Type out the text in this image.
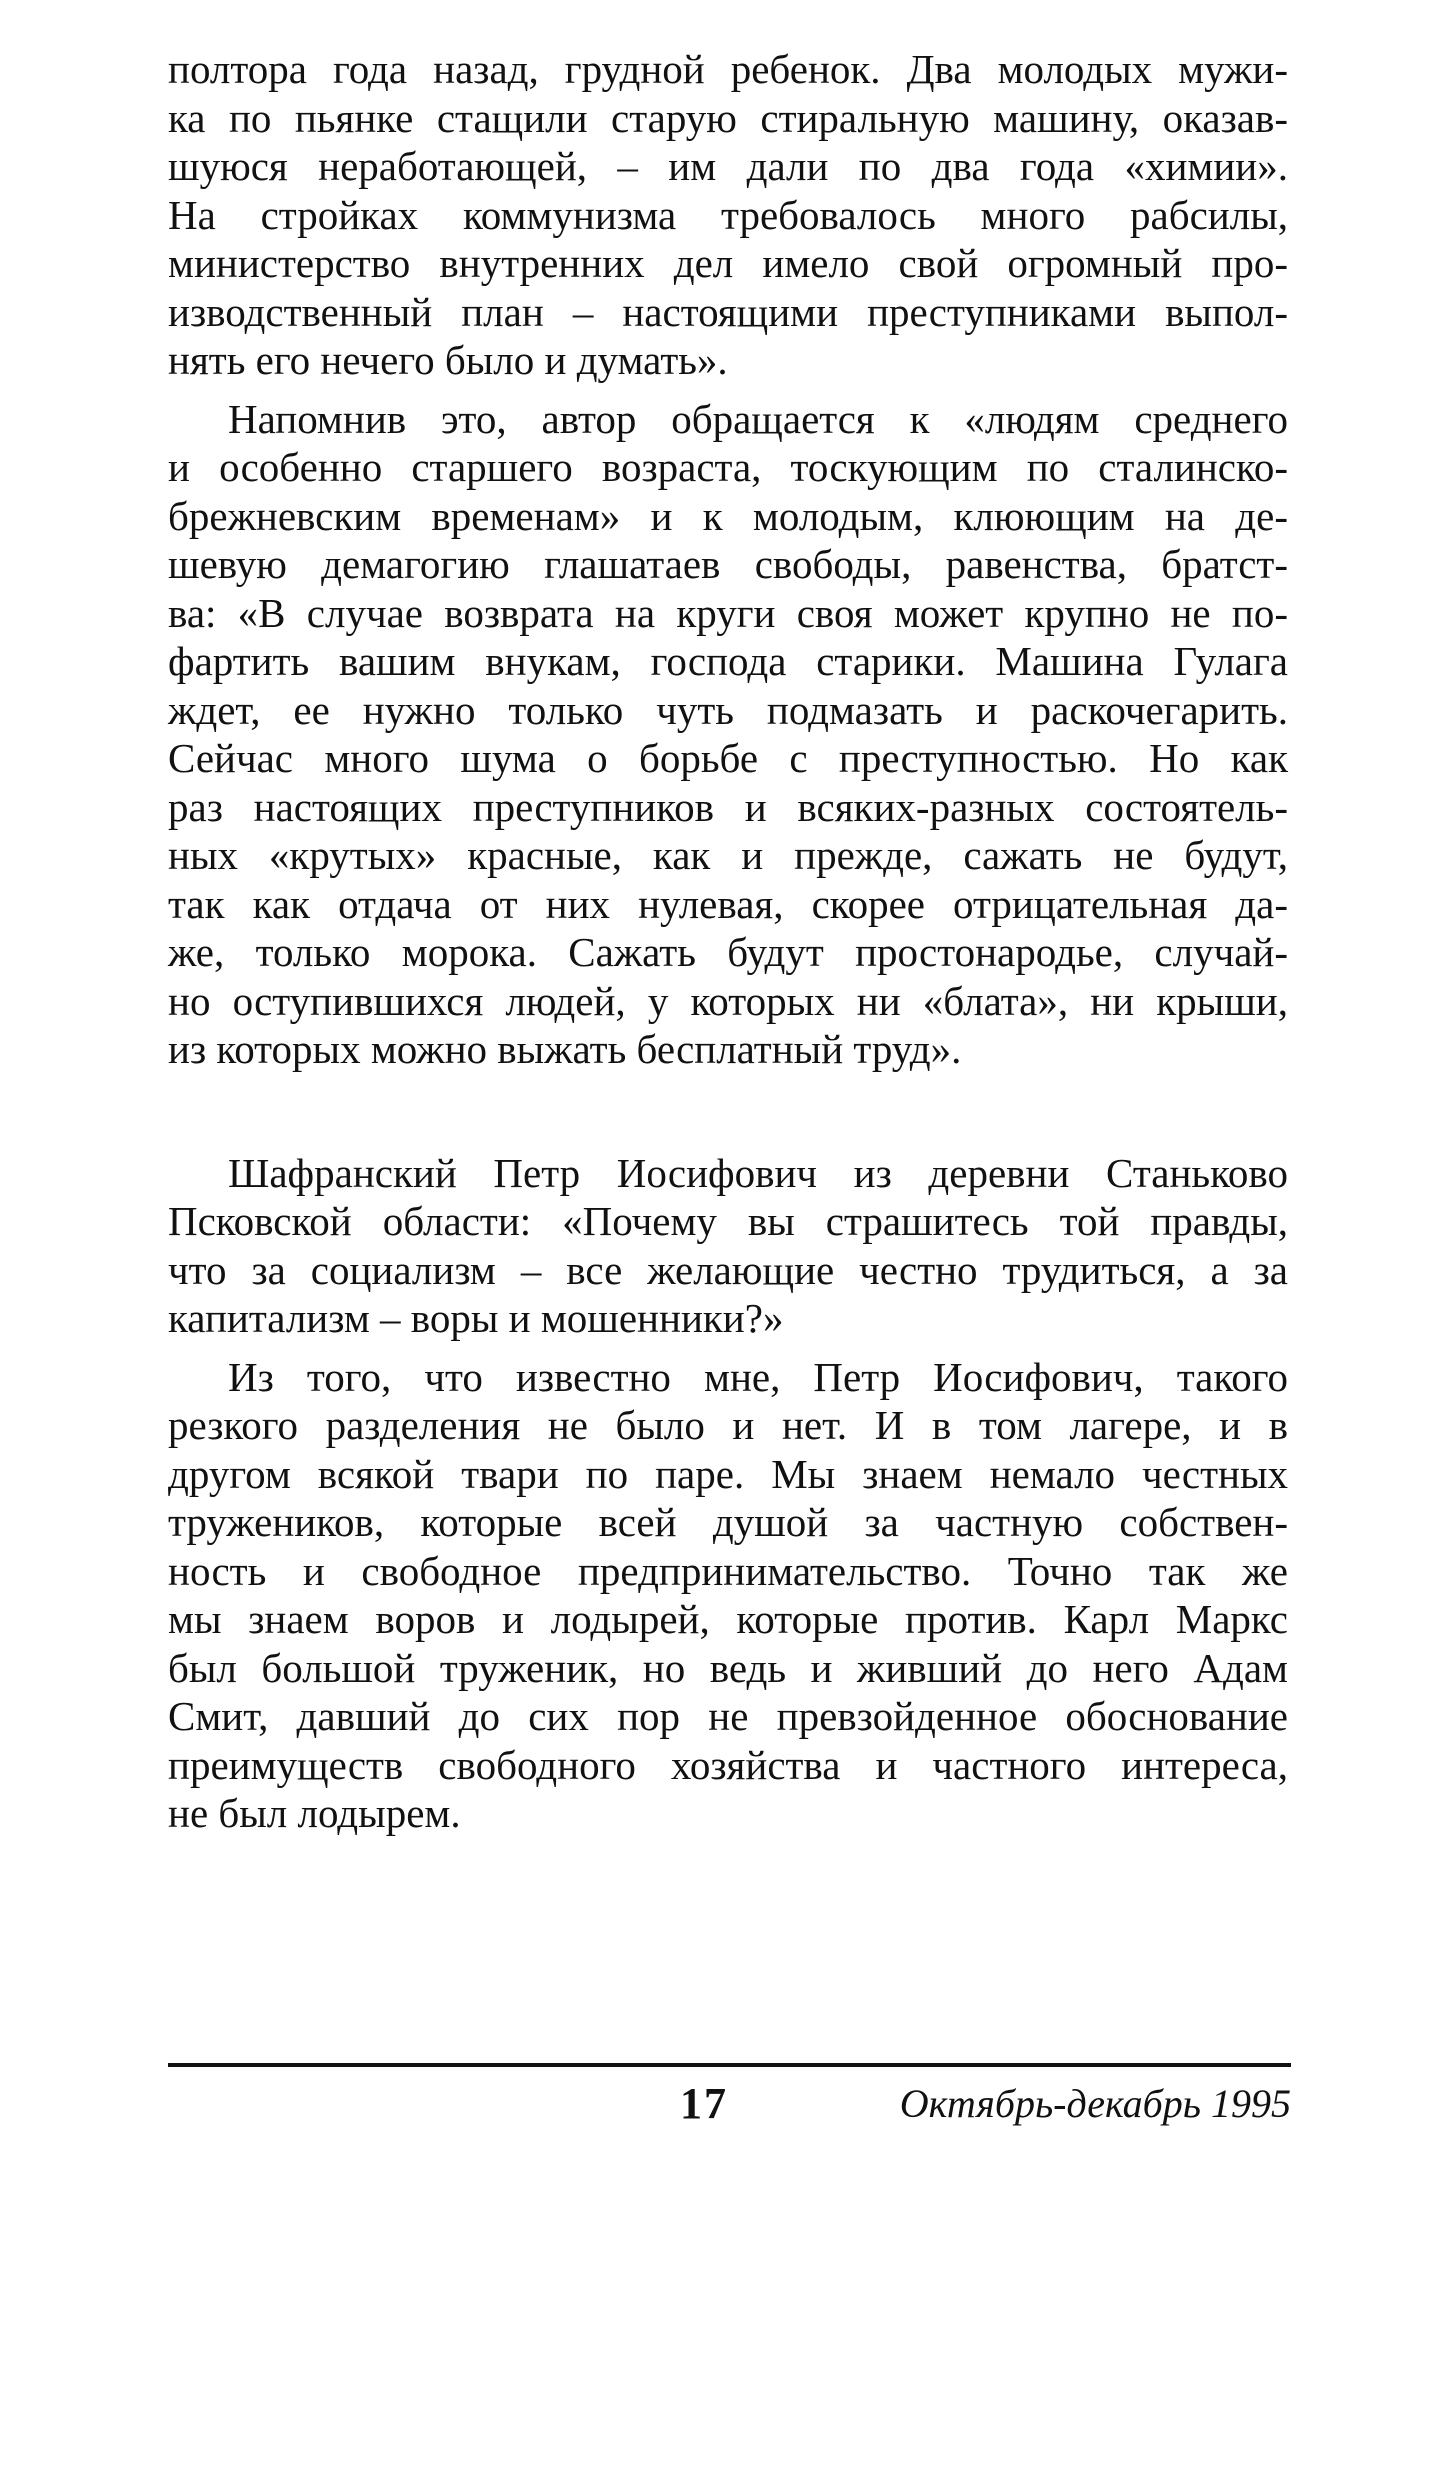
полтора года назад, грудной ребенок. Два молодых мужи-
ка по пьянке стащили старую стиральную машину, оказав-
шуюся неработающей, – им дали по два года «химии».
На стройках коммунизма требовалось много рабсилы,
министерство внутренних дел имело свой огромный про-
изводственный план – настоящими преступниками выпол-
нять его нечего было и думать».
Напомнив это, автор обращается к «людям среднего
и особенно старшего возраста, тоскующим по сталинско-
брежневским временам» и к молодым, клюющим на де-
шевую демагогию глашатаев свободы, равенства, братст-
ва: «В случае возврата на круги своя может крупно не по-
фартить вашим внукам, господа старики. Машина Гулага
ждет, ее нужно только чуть подмазать и раскочегарить.
Сейчас много шума о борьбе с преступностью. Но как
раз настоящих преступников и всяких-разных состоятель-
ных «крутых» красные, как и прежде, сажать не будут,
так как отдача от них нулевая, скорее отрицательная да-
же, только морока. Сажать будут простонародье, случай-
но оступившихся людей, у которых ни «блата», ни крыши,
из которых можно выжать бесплатный труд».
Шафранский Петр Иосифович из деревни Станьково
Псковской области: «Почему вы страшитесь той правды,
что за социализм – все желающие честно трудиться, а за
капитализм – воры и мошенники?»
Из того, что известно мне, Петр Иосифович, такого
резкого разделения не было и нет. И в том лагере, и в
другом всякой твари по паре. Мы знаем немало честных
тружеников, которые всей душой за частную собствен-
ность и свободное предпринимательство. Точно так же
мы знаем воров и лодырей, которые против. Карл Маркс
был большой труженик, но ведь и живший до него Адам
Смит, давший до сих пор не превзойденное обоснование
преимуществ свободного хозяйства и частного интереса,
не был лодырем.
17	Октябрь-декабрь 1995
